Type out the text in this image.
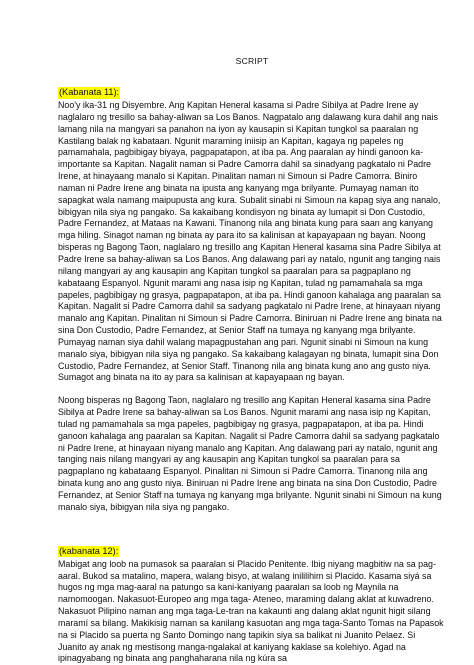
SCRIPT
(Kabanata 11):

Noo'y ika-31 ng Disyembre. Ang Kapitan Heneral kasama si Padre Sibilya at Padre Irene ay naglalaro ng tresillo sa bahay-aliwan sa Los Banos. Nagpatalo ang dalawang kura dahil ang nais lamang nila na mangyari sa panahon na iyon ay kausapin si Kapitan tungkol sa paaralan ng Kastilang balak ng kabataan. Ngunit maraming iniisip an Kapitan, kagaya ng papeles ng pamamahala, pagbibigay biyaya, pagpapatapon, at iba pa. Ang paaralan ay hindi ganoon ka-importante sa Kapitan. Nagalit naman si Padre Camorra dahil sa sinadyang pagkatalo ni Padre Irene, at hinayaang manalo si Kapitan. Pinalitan naman ni Simoun si Padre Camorra. Biniro naman ni Padre Irene ang binata na ipusta ang kanyang mga brilyante. Pumayag naman ito sapagkat wala namang maipupusta ang kura. Subalit sinabi ni Simoun na kapag siya ang nanalo, bibigyan nila siya ng pangako. Sa kakaibang kondisyon ng binata ay lumapit si Don Custodio, Padre Fernandez, at Mataas na Kawani. Tinanong nila ang binata kung para saan ang kanyang mga hiling. Sinagot naman ng binata ay para ito sa kalinisan at kapayapaan ng bayan. Noong bisperas ng Bagong Taon, naglalaro ng tresillo ang Kapitan Heneral kasama sina Padre Sibilya at Padre Irene sa bahay-aliwan sa Los Banos. Ang dalawang pari ay natalo, ngunit ang tanging nais nilang mangyari ay ang kausapin ang Kapitan tungkol sa paaralan para sa pagpaplano ng kabataang Espanyol. Ngunit marami ang nasa isip ng Kapitan, tulad ng pamamahala sa mga papeles, pagbibigay ng grasya, pagpapatapon, at iba pa. Hindi ganoon kahalaga ang paaralan sa Kapitan. Nagalit si Padre Camorra dahil sa sadyang pagkatalo ni Padre Irene, at hinayaan niyang manalo ang Kapitan. Pinalitan ni Simoun si Padre Camorra. Biniruan ni Padre Irene ang binata na sina Don Custodio, Padre Fernandez, at Senior Staff na tumaya ng kanyang mga brilyante. Pumayag naman siya dahil walang mapagpustahan ang pari. Ngunit sinabi ni Simoun na kung manalo siya, bibigyan nila siya ng pangako. Sa kakaibang kalagayan ng binata, lumapit sina Don Custodio, Padre Fernandez, at Senior Staff. Tinanong nila ang binata kung ano ang gusto niya. Sumagot ang binata na ito ay para sa kalinisan at kapayapaan ng bayan.

Noong bisperas ng Bagong Taon, naglalaro ng tresillo ang Kapitan Heneral kasama sina Padre Sibilya at Padre Irene sa bahay-aliwan sa Los Banos. Ngunit marami ang nasa isip ng Kapitan, tulad ng pamamahala sa mga papeles, pagbibigay ng grasya, pagpapatapon, at iba pa. Hindi ganoon kahalaga ang paaralan sa Kapitan. Nagalit si Padre Camorra dahil sa sadyang pagkatalo ni Padre Irene, at hinayaan niyang manalo ang Kapitan. Ang dalawang pari ay natalo, ngunit ang tanging nais nilang mangyari ay ang kausapin ang Kapitan tungkol sa paaralan para sa pagpaplano ng kabataang Espanyol. Pinalitan ni Simoun si Padre Camorra. Tinanong nila ang binata kung ano ang gusto niya. Biniruan ni Padre Irene ang binata na sina Don Custodio, Padre Fernandez, at Senior Staff na tumaya ng kanyang mga brilyante. Ngunit sinabi ni Simoun na kung manalo siya, bibigyan nila siya ng pangako.

(kabanata 12):

Mabigat ang loob na pumasok sa paaralan si Placido Penitente. Ibig niyang magbitiw na sa pag- aaral. Bukod sa matalino, mapera, walang bisyo, at walang inililihim si Placido. Kasama siyá sa hugos ng mga mag-aaral na patungo sa kani-kaniyang paaralan sa loob ng Maynila na namomoogan. Nakasuot-Europeo ang mga taga- Ateneo, maraming dalang aklat at kuwadreno. Nakasuot Pilipino naman ang mga taga-Le-tran na kakaunti ang dalang aklat ngunit higit silang maramí sa bilang. Makikisig naman sa kanilang kasuotan ang mga taga-Santo Tomas na Papasok na si Placido sa puerta ng Santo Domingo nang tapikin siya sa balikat ni Juanito Pelaez. Si Juanito ay anak ng mestisong manga-ngalakal at kaniyang kaklase sa kolehiyo. Agad na ipinagyabang ng binata ang panghaharana nila ng kúra sa
